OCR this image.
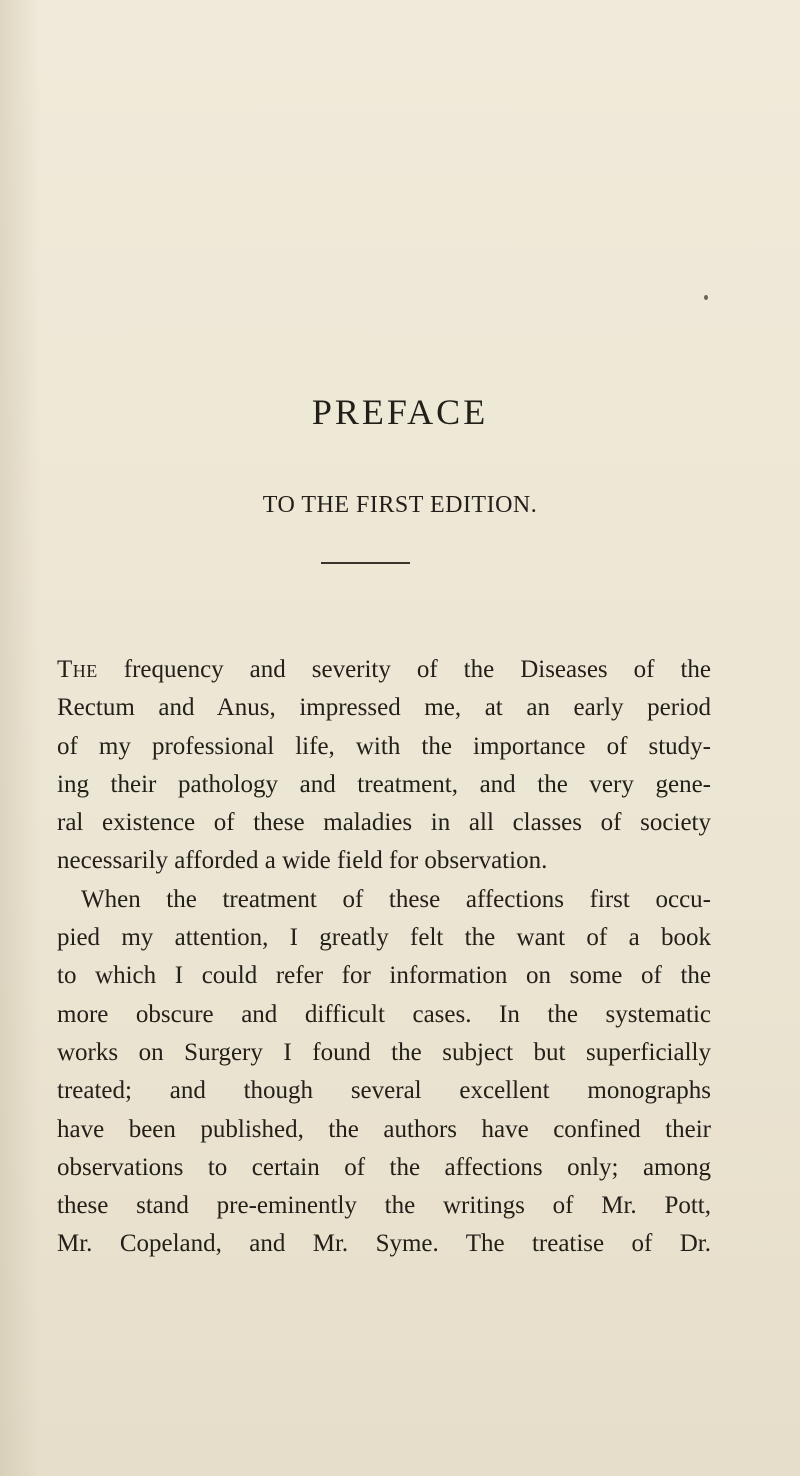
PREFACE
TO THE FIRST EDITION.
The frequency and severity of the Diseases of the
Rectum and Anus, impressed me, at an early period
of my professional life, with the importance of study-
ing their pathology and treatment, and the very gene-
ral existence of these maladies in all classes of society
necessarily afforded a wide field for observation.
When the treatment of these affections first occu-
pied my attention, I greatly felt the want of a book
to which I could refer for information on some of the
more obscure and difficult cases. In the systematic
works on Surgery I found the subject but superficially
treated; and though several excellent monographs
have been published, the authors have confined their
observations to certain of the affections only; among
these stand pre-eminently the writings of Mr. Pott,
Mr. Copeland, and Mr. Syme. The treatise of Dr.
